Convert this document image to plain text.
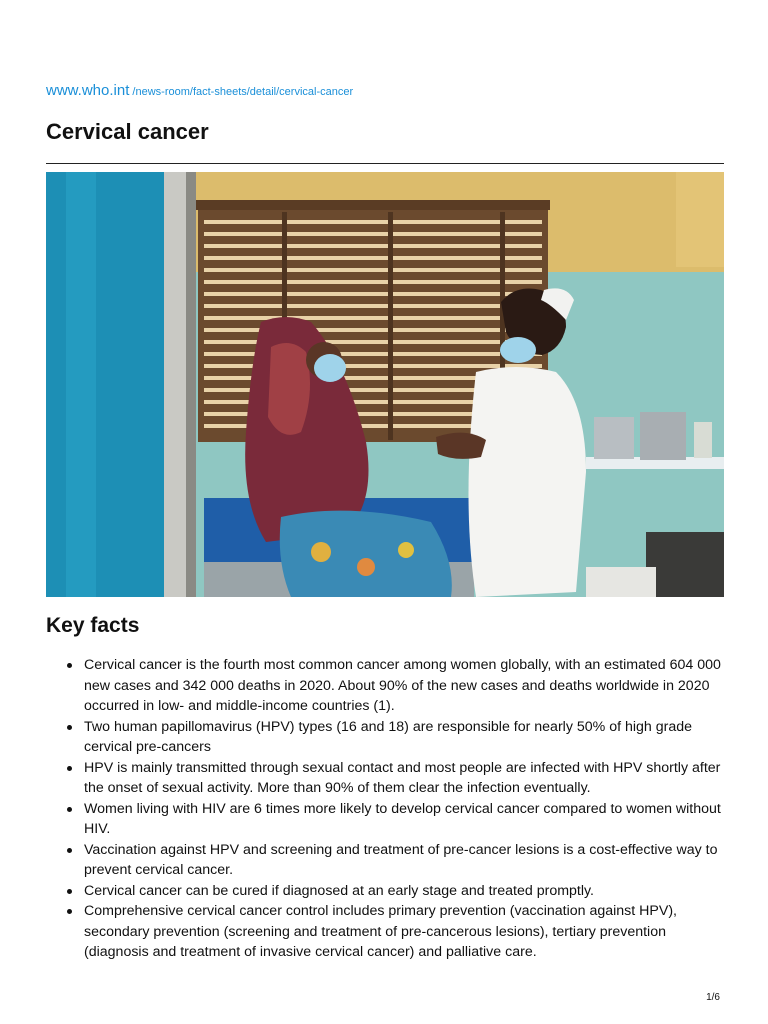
www.who.int /news-room/fact-sheets/detail/cervical-cancer
Cervical cancer
Key facts
Cervical cancer is the fourth most common cancer among women globally, with an estimated 604 000 new cases and 342 000 deaths in 2020. About 90% of the new cases and deaths worldwide in 2020 occurred in low- and middle-income countries (1).
Two human papillomavirus (HPV) types (16 and 18) are responsible for nearly 50% of high grade cervical pre-cancers
HPV is mainly transmitted through sexual contact and most people are infected with HPV shortly after the onset of sexual activity. More than 90% of them clear the infection eventually.
Women living with HIV are 6 times more likely to develop cervical cancer compared to women without HIV.
Vaccination against HPV and screening and treatment of pre-cancer lesions is a cost-effective way to prevent cervical cancer.
Cervical cancer can be cured if diagnosed at an early stage and treated promptly.
Comprehensive cervical cancer control includes primary prevention (vaccination against HPV), secondary prevention (screening and treatment of pre-cancerous lesions), tertiary prevention (diagnosis and treatment of invasive cervical cancer) and palliative care.
1/6
